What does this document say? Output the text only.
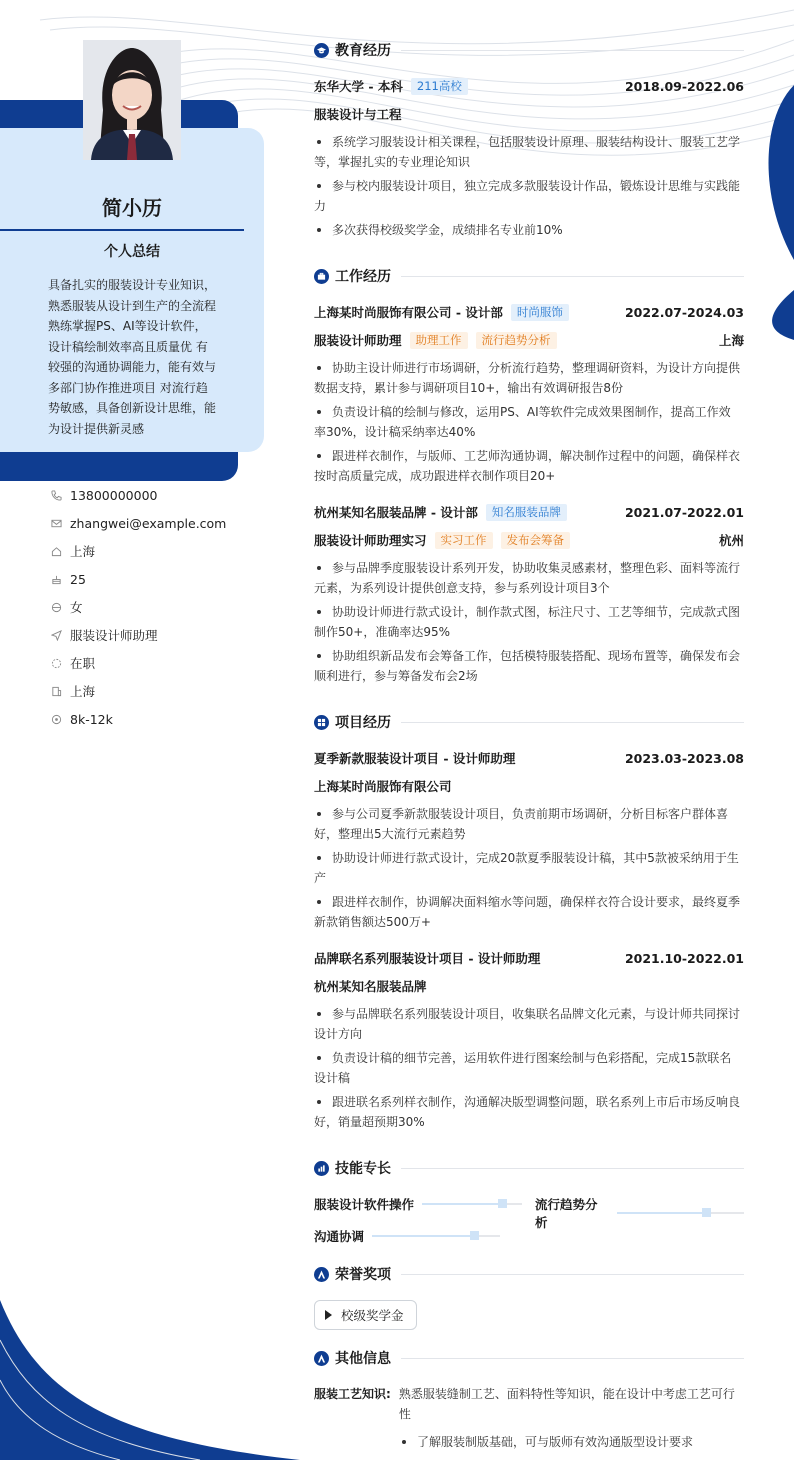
简小历
个人总结
具备扎实的服装设计专业知识，熟悉服装从设计到生产的全流程 熟练掌握PS、AI等设计软件，设计稿绘制效率高且质量优 有较强的沟通协调能力，能有效与多部门协作推进项目 对流行趋势敏感，具备创新设计思维，能为设计提供新灵感
13800000000
zhangwei@example.com
上海
25
女
服装设计师助理
在职
上海
8k-12k
教育经历
东华大学 - 本科	211高校	2018.09-2022.06
服装设计与工程
系统学习服装设计相关课程，包括服装设计原理、服装结构设计、服装工艺学等，掌握扎实的专业理论知识
参与校内服装设计项目，独立完成多款服装设计作品，锻炼设计思维与实践能力
多次获得校级奖学金，成绩排名专业前10%
工作经历
上海某时尚服饰有限公司 - 设计部	时尚服饰	2022.07-2024.03
服装设计师助理	助理工作	流行趋势分析	上海
协助主设计师进行市场调研，分析流行趋势，整理调研资料，为设计方向提供数据支持，累计参与调研项目10+，输出有效调研报告8份
负责设计稿的绘制与修改，运用PS、AI等软件完成效果图制作，提高工作效率30%，设计稿采纳率达40%
跟进样衣制作，与版师、工艺师沟通协调，解决制作过程中的问题，确保样衣按时高质量完成，成功跟进样衣制作项目20+
杭州某知名服装品牌 - 设计部	知名服装品牌	2021.07-2022.01
服装设计师助理实习	实习工作	发布会筹备	杭州
参与品牌季度服装设计系列开发，协助收集灵感素材，整理色彩、面料等流行元素，为系列设计提供创意支持，参与系列设计项目3个
协助设计师进行款式设计，制作款式图，标注尺寸、工艺等细节，完成款式图制作50+，准确率达95%
协助组织新品发布会筹备工作，包括模特服装搭配、现场布置等，确保发布会顺利进行，参与筹备发布会2场
项目经历
夏季新款服装设计项目 - 设计师助理	2023.03-2023.08
上海某时尚服饰有限公司
参与公司夏季新款服装设计项目，负责前期市场调研，分析目标客户群体喜好，整理出5大流行元素趋势
协助设计师进行款式设计，完成20款夏季服装设计稿，其中5款被采纳用于生产
跟进样衣制作，协调解决面料缩水等问题，确保样衣符合设计要求，最终夏季新款销售额达500万+
品牌联名系列服装设计项目 - 设计师助理	2021.10-2022.01
杭州某知名服装品牌
参与品牌联名系列服装设计项目，收集联名品牌文化元素，与设计师共同探讨设计方向
负责设计稿的细节完善，运用软件进行图案绘制与色彩搭配，完成15款联名设计稿
跟进联名系列样衣制作，沟通解决版型调整问题，联名系列上市后市场反响良好，销量超预期30%
技能专长
服装设计软件操作	流行趋势分析
沟通协调
荣誉奖项
校级奖学金
其他信息
服装工艺知识: 熟悉服装缝制工艺、面料特性等知识，能在设计中考虑工艺可行性
了解服装制版基础，可与版师有效沟通版型设计要求
